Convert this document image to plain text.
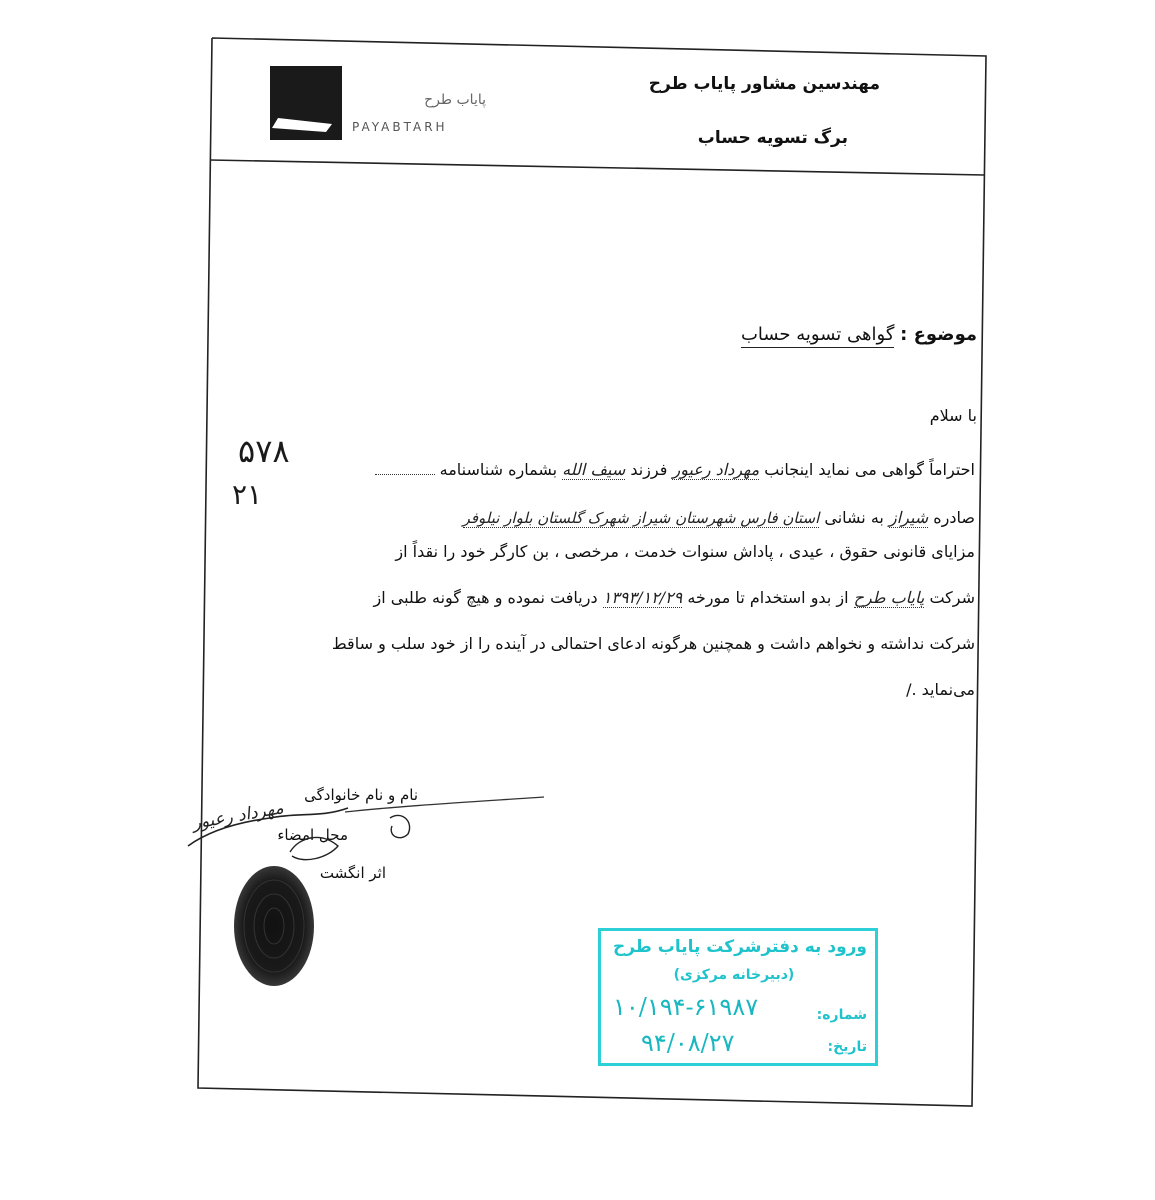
مهندسین مشاور پایاب طرح
برگ تسویه حساب
پایاب طرح
PAYABTARH
موضوع : گواهی تسویه حساب
با سلام
احتراماً گواهی می نماید اینجانب مهرداد رعیور فرزند سیف الله بشماره شناسنامه
۵۷۸
صادره شیراز به نشانی استان فارس شهرستان شیراز شهرک گلستان بلوار نیلوفر
۲۱
مزایای قانونی حقوق ، عیدی ، پاداش سنوات خدمت ، مرخصی ، بن کارگر خود را نقداً از
شرکت پایاب طرح از بدو استخدام تا مورخه ۱۳۹۳/۱۲/۲۹ دریافت نموده و هیچ گونه طلبی از
شرکت نداشته و نخواهم داشت و همچنین هرگونه ادعای احتمالی در آینده را از خود سلب و ساقط
می‌نماید ./
نام و نام خانوادگی
محل امضاء
اثر انگشت
مهرداد رعیور
ورود به دفترشرکت پایاب طرح
(دبیرخانه مرکزی)
شماره:
۱۰/۱۹۴-۶۱۹۸۷
تاریخ:
۹۴/۰۸/۲۷
